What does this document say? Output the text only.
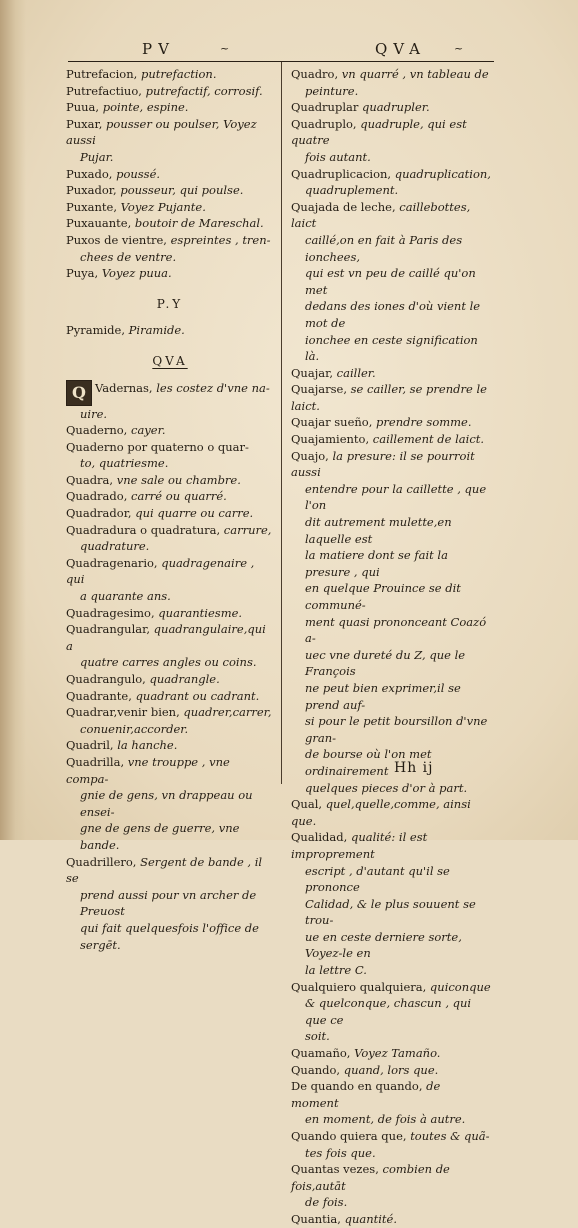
PV	~	QVA	~
Putrefacion, putrefaction.
Putrefactiuo, putrefactif, corrosif.
Puua, pointe, espine.
Puxar, pousser ou poulser, Voyez aussi
Pujar.
Puxado, poussé.
Puxador, pousseur, qui poulse.
Puxante, Voyez Pujante.
Puxauante, boutoir de Mareschal.
Puxos de vientre, espreintes , tren-
chees de ventre.
Puya, Voyez puua.
P.Y
Pyramide, Piramide.
QVA
Q Vadernas, les costez d'vne na-
uire.
Quaderno, cayer.
Quaderno por quaterno o quar-
to, quatriesme.
Quadra, vne sale ou chambre.
Quadrado, carré ou quarré.
Quadrador, qui quarre ou carre.
Quadradura o quadratura, carrure,
quadrature.
Quadragenario, quadragenaire , qui
a quarante ans.
Quadragesimo, quarantiesme.
Quadrangular, quadrangulaire,qui a
quatre carres angles ou coins.
Quadrangulo, quadrangle.
Quadrante, quadrant ou cadrant.
Quadrar,venir bien, quadrer,carrer,
conuenir,accorder.
Quadril, la hanche.
Quadrilla, vne trouppe , vne compa-
gnie de gens, vn drappeau ou ensei-
gne de gens de guerre, vne bande.
Quadrillero, Sergent de bande , il se
prend aussi pour vn archer de Preuost
qui fait quelquesfois l'office de sergēt.
Quadro, vn quarré , vn tableau de
peinture.
Quadruplar quadrupler.
Quadruplo, quadruple, qui est quatre
fois autant.
Quadruplicacion, quadruplication,
quadruplement.
Quajada de leche, caillebottes, laict
caillé,on en fait à Paris des ionchees,
qui est vn peu de caillé qu'on met
dedans des iones d'où vient le mot de
ionchee en ceste signification là.
Quajar, cailler.
Quajarse, se cailler, se prendre le laict.
Quajar sueño, prendre somme.
Quajamiento, caillement de laict.
Quajo, la presure: il se pourroit aussi
entendre pour la caillette , que l'on
dit autrement mulette,en laquelle est
la matiere dont se fait la presure , qui
en quelque Prouince se dit communé-
ment quasi prononceant Coazó a-
uec vne dureté du Z, que le François
ne peut bien exprimer,il se prend auf-
si pour le petit boursillon d'vne gran-
de bourse où l'on met ordinairement
quelques pieces d'or à part.
Qual, quel,quelle,comme, ainsi que.
Qualidad, qualité: il est improprement
escript , d'autant qu'il se prononce
Calidad, & le plus souuent se trou-
ue en ceste derniere sorte, Voyez-le en
la lettre C.
Qualquiero qualquiera, quiconque
& quelconque, chascun , qui que ce
soit.
Quamaño, Voyez Tamaño.
Quando, quand, lors que.
De quando en quando, de moment
en moment, de fois à autre.
Quando quiera que, toutes & quã-
tes fois que.
Quantas vezes, combien de fois,autāt
de fois.
Quantia, quantité.
Hh ij
